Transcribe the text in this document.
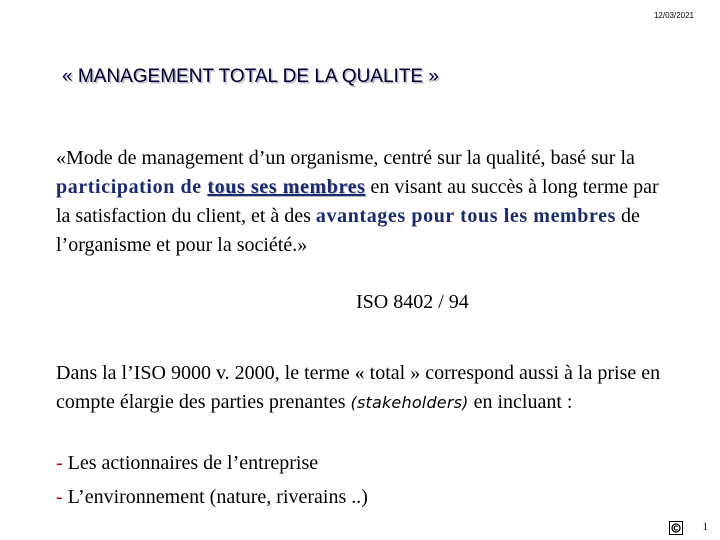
12/03/2021
« MANAGEMENT TOTAL DE LA QUALITE »
«Mode de management d’un organisme, centré sur la qualité, basé sur la participation de tous ses membres en visant au succès à long terme par la satisfaction du client, et à des avantages pour tous les membres de l’organisme et pour la société.»
ISO 8402 / 94
Dans la l’ISO 9000 v. 2000, le terme « total » correspond aussi à la prise en compte élargie des parties prenantes (stakeholders) en incluant :
- Les actionnaires de l’entreprise
- L’environnement (nature, riverains ..)
1
